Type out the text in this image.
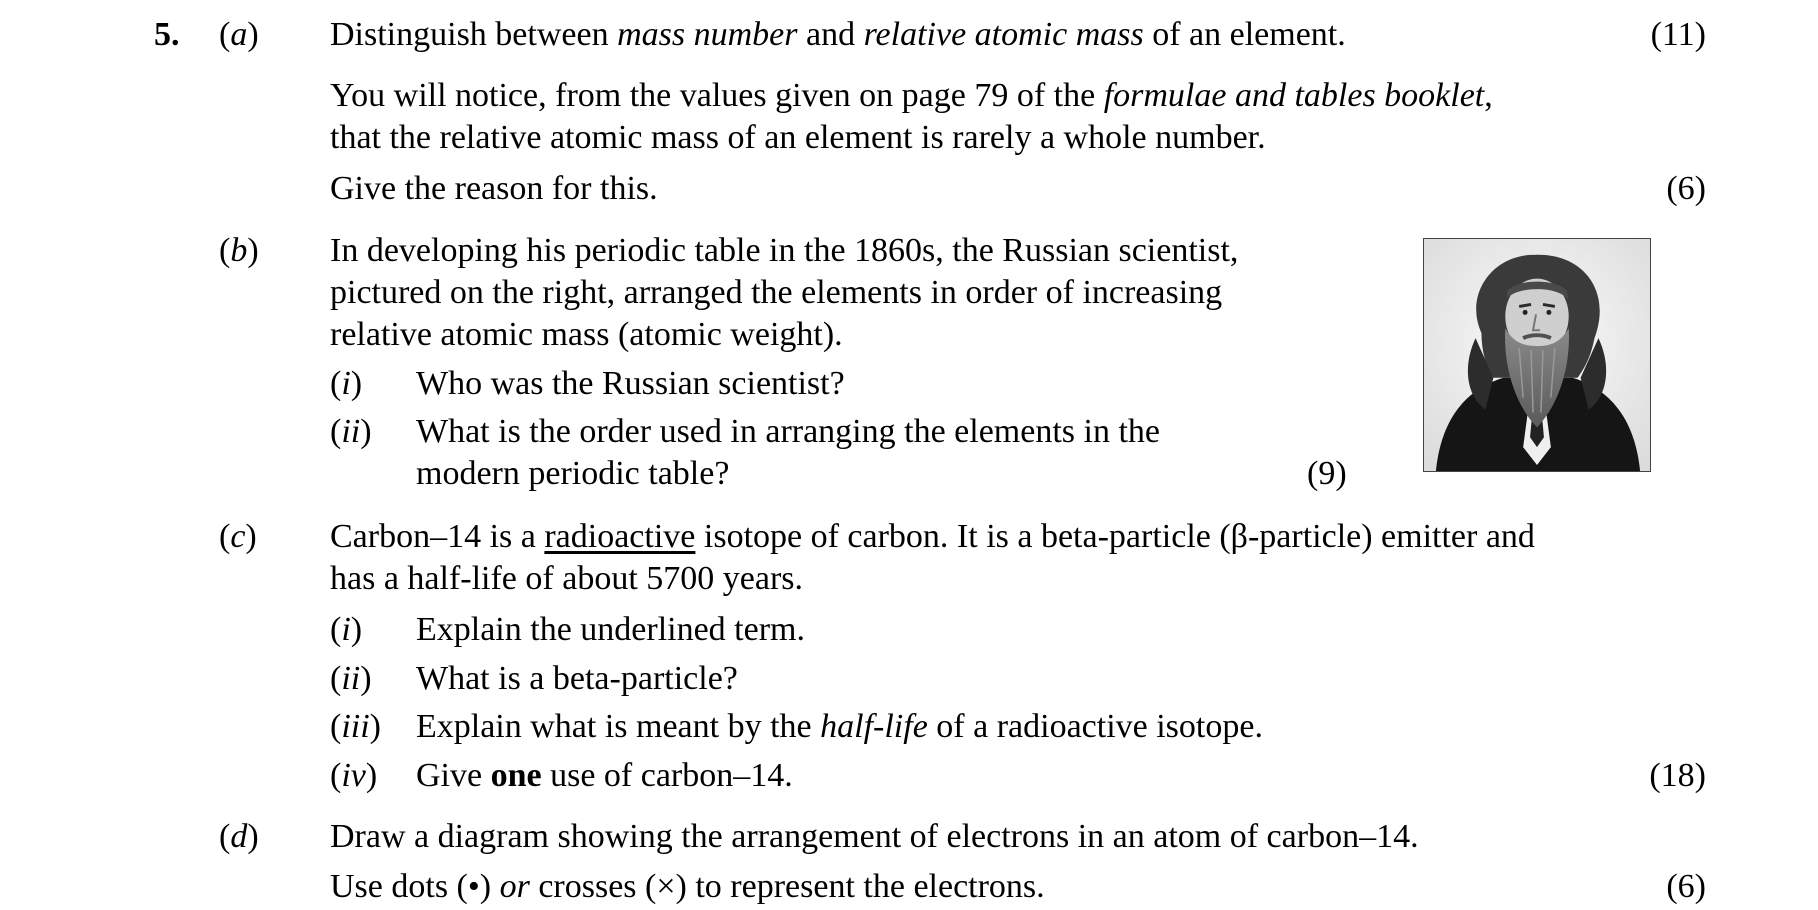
5. (a) Distinguish between mass number and relative atomic mass of an element.	(11)
You will notice, from the values given on page 79 of the formulae and tables booklet,
that the relative atomic mass of an element is rarely a whole number.
Give the reason for this.	(6)
(b) In developing his periodic table in the 1860s, the Russian scientist,
pictured on the right, arranged the elements in order of increasing
relative atomic mass (atomic weight).
(i) Who was the Russian scientist?
(ii) What is the order used in arranging the elements in the
modern periodic table?	(9)
(c) Carbon–14 is a radioactive isotope of carbon. It is a beta-particle (β-particle) emitter and
has a half-life of about 5700 years.
(i) Explain the underlined term.
(ii) What is a beta-particle?
(iii) Explain what is meant by the half-life of a radioactive isotope.
(iv) Give one use of carbon–14.	(18)
(d) Draw a diagram showing the arrangement of electrons in an atom of carbon–14.
Use dots (•) or crosses (×) to represent the electrons.	(6)
